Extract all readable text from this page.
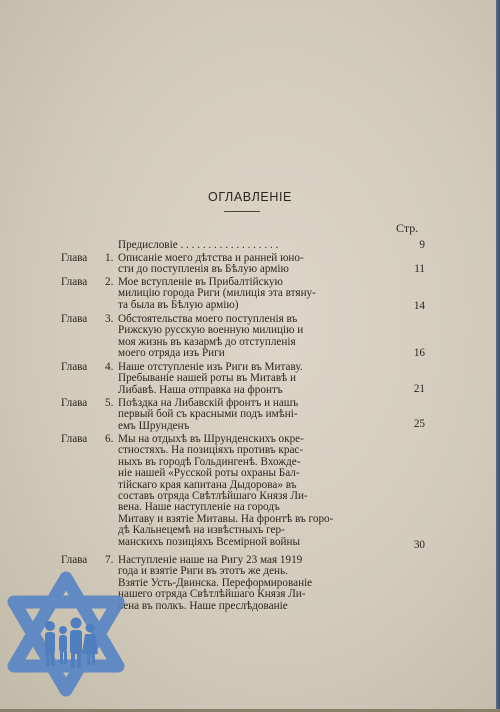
ОГЛАВЛЕНІЕ
Стр.
Предисловіе . . . . . . . . . . . . . . . . . .	9
Глава 1. Описаніе моего дѣтства и ранней юно-
сти до поступленія въ Бѣлую армію	11
Глава 2. Мое вступленіе въ Прибалтійскую
милицію города Риги (милиція эта втяну-
та была въ Бѣлую армію)	14
Глава 3. Обстоятельства моего поступленія въ
Рижскую русскую военную милицію и
моя жизнь въ казармѣ до отступленія
моего отряда изъ Риги	16
Глава 4. Наше отступленіе изъ Риги въ Митаву.
Пребываніе нашей роты въ Митавѣ и
Либавѣ. Наша отправка на фронтъ	21
Глава 5. Поѣздка на Либавскій фронтъ и нашъ
первый бой съ красными подъ имѣні-
емъ Шрунденъ	25
Глава 6. Мы на отдыхѣ въ Шрунденскихъ окре-
стностяхъ. На позиціяхъ противъ крас-
ныхъ въ городѣ Гольдингенѣ. Вхожде-
ніе нашей «Русской роты охраны Бал-
тійскаго края капитана Дыдорова» въ
составъ отряда Свѣтлѣйшаго Князя Ли-
вена. Наше наступленіе на городъ
Митаву и взятіе Митавы. На фронтѣ въ горо-
дѣ Кальнецемѣ на извѣстныхъ гер-
манскихъ позиціяхъ Всемірной войны	30
Глава 7. Наступленіе наше на Ригу 23 мая 1919
года и взятіе Риги въ этотъ же день.
Взятіе Усть-Двинска. Переформированіе
нашего отряда Свѣтлѣйшаго Князя Ли-
вена въ полкъ. Наше преслѣдованіе
